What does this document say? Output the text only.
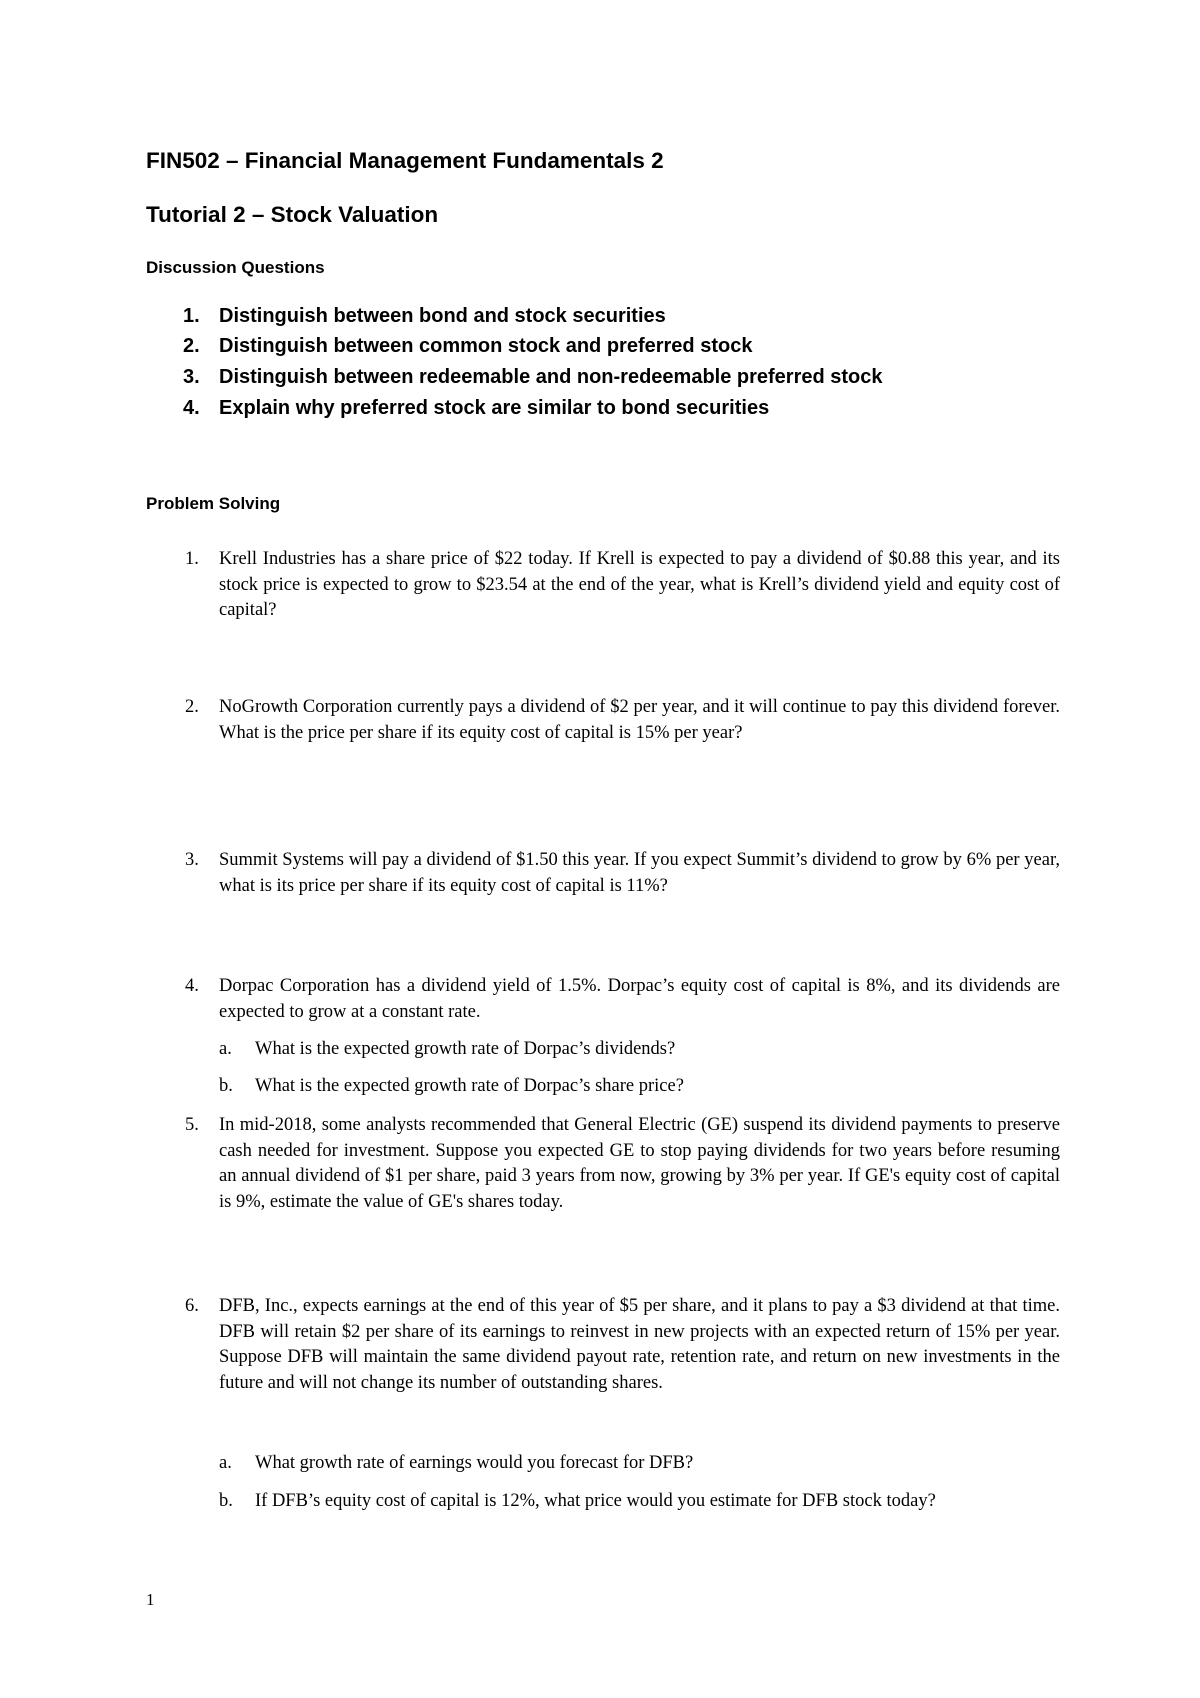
FIN502 – Financial Management Fundamentals 2
Tutorial 2 – Stock Valuation
Discussion Questions
1. Distinguish between bond and stock securities
2. Distinguish between common stock and preferred stock
3. Distinguish between redeemable and non-redeemable preferred stock
4. Explain why preferred stock are similar to bond securities
Problem Solving
1. Krell Industries has a share price of $22 today. If Krell is expected to pay a dividend of $0.88 this year, and its stock price is expected to grow to $23.54 at the end of the year, what is Krell’s dividend yield and equity cost of capital?
2. NoGrowth Corporation currently pays a dividend of $2 per year, and it will continue to pay this dividend forever. What is the price per share if its equity cost of capital is 15% per year?
3. Summit Systems will pay a dividend of $1.50 this year. If you expect Summit’s dividend to grow by 6% per year, what is its price per share if its equity cost of capital is 11%?
4. Dorpac Corporation has a dividend yield of 1.5%. Dorpac’s equity cost of capital is 8%, and its dividends are expected to grow at a constant rate.
a. What is the expected growth rate of Dorpac’s dividends?
b. What is the expected growth rate of Dorpac’s share price?
5. In mid-2018, some analysts recommended that General Electric (GE) suspend its dividend payments to preserve cash needed for investment. Suppose you expected GE to stop paying dividends for two years before resuming an annual dividend of $1 per share, paid 3 years from now, growing by 3% per year. If GE's equity cost of capital is 9%, estimate the value of GE's shares today.
6. DFB, Inc., expects earnings at the end of this year of $5 per share, and it plans to pay a $3 dividend at that time. DFB will retain $2 per share of its earnings to reinvest in new projects with an expected return of 15% per year. Suppose DFB will maintain the same dividend payout rate, retention rate, and return on new investments in the future and will not change its number of outstanding shares.
a. What growth rate of earnings would you forecast for DFB?
b. If DFB’s equity cost of capital is 12%, what price would you estimate for DFB stock today?
1
